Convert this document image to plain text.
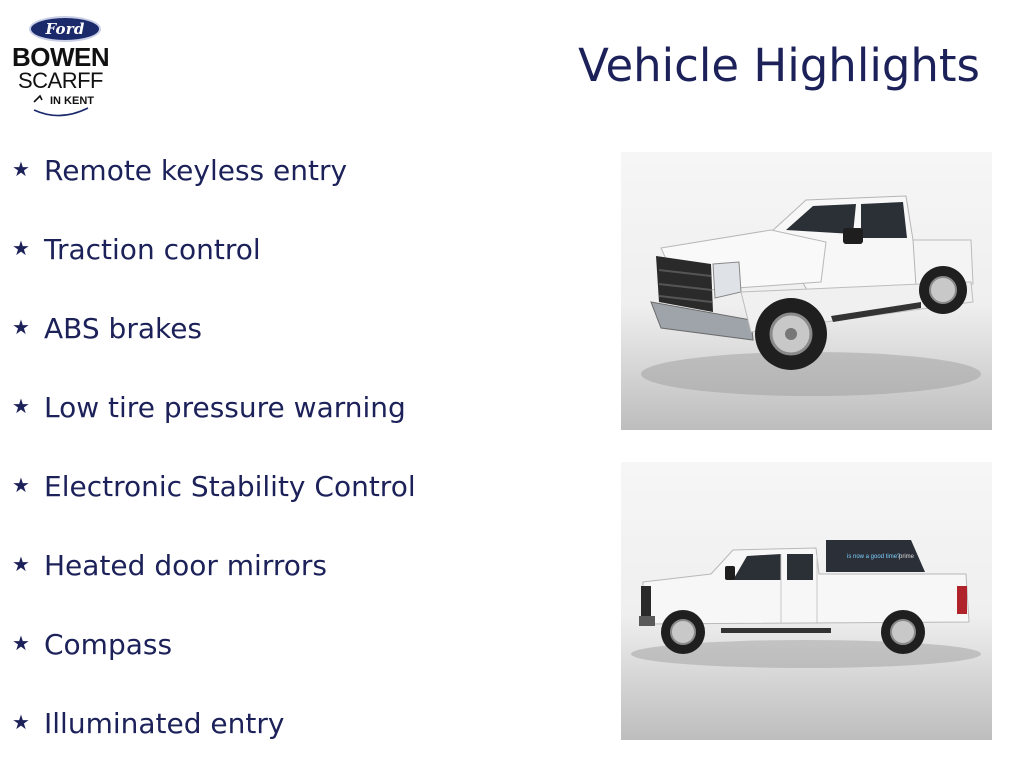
Ford
BOWEN
SCARFF
IN KENT
Vehicle Highlights
★ Remote keyless entry
★ Traction control
★ ABS brakes
★ Low tire pressure warning
★ Electronic Stability Control
★ Heated door mirrors
★ Compass
★ Illuminated entry
is now a good time?
prime
